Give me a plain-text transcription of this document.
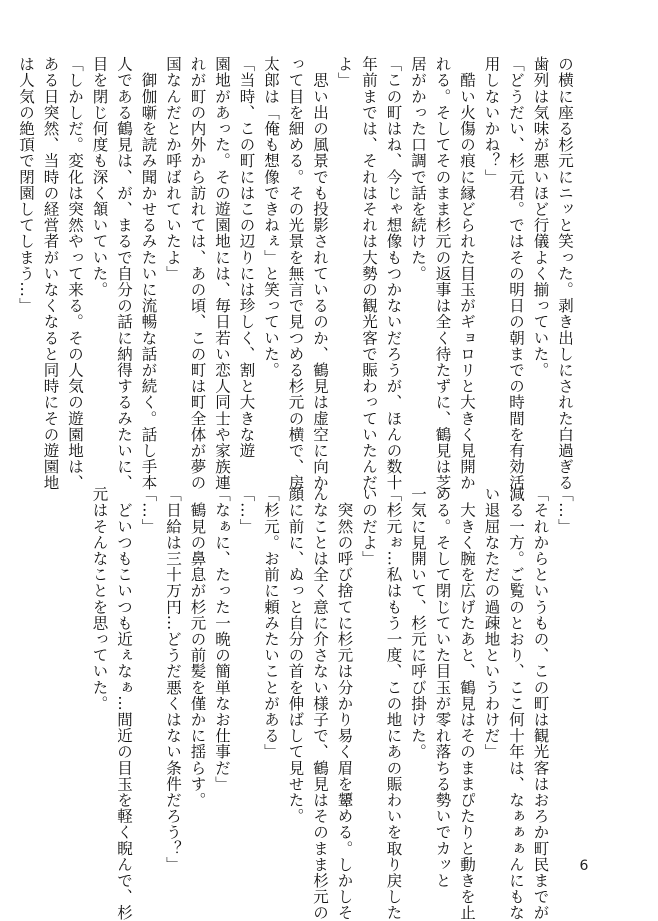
の横に座る杉元にニッと笑った。剥き出しにされた白過ぎる
歯列は気味が悪いほど行儀よく揃っていた。
「どうだい、杉元君。ではその明日の朝までの時間を有効活
用しないかね？」
　酷い火傷の痕に縁どられた目玉がギョロリと大きく見開か
れる。そしてそのまま杉元の返事は全く待たずに、鶴見は芝
居がかった口調で話を続けた。
「この町はね、今じゃ想像もつかないだろうが、ほんの数十
年前までは、それはそれは大勢の観光客で賑わっていたんだ
よ」
　思い出の風景でも投影されているのか、鶴見は虚空に向か
って目を細める。その光景を無言で見つめる杉元の横で、房
太郎は「俺も想像できねぇ」と笑っていた。
「当時、この町にはこの辺りには珍しく、割と大きな遊
園地があった。その遊園地には、毎日若い恋人同士や家族連
れが町の内外から訪れては、あの頃、この町は町全体が夢の
国なんだとか呼ばれていたよ」
　御伽噺を読み聞かせるみたいに流暢な話が続く。話し手本
人である鶴見は、が、まるで自分の話に納得するみたいに、
目を閉じ何度も深く頷いていた。
「しかしだ。変化は突然やって来る。その人気の遊園地は、
ある日突然、当時の経営者がいなくなると同時にその遊園地
は人気の絶頂で閉園してしまう…」
「…」
「それからというもの、この町は観光客はおろか町民までが
減る一方。ご覧のとおり、ここ何十年は、なぁぁぁんにもな
い退屈なただの過疎地というわけだ」
　大きく腕を広げたあと、鶴見はそのままぴたりと動きを止
める。そして閉じていた目玉が零れ落ちる勢いでカッと
一気に見開いて、杉元に呼び掛けた。
「杉元ぉ…私はもう一度、この地にあの賑わいを取り戻した
いのだよ」
　突然の呼び捨てに杉元は分かり易く眉を顰める。しかしそ
んなことは全く意に介さない様子で、鶴見はそのまま杉元の
顔に前に、ぬっと自分の首を伸ばして見せた。
「杉元。お前に頼みたいことがある」
「…」
「なぁに、たった一晩の簡単なお仕事だ」
　鶴見の鼻息が杉元の前髪を僅かに揺らす。
「日給は三十万円…どうだ悪くはない条件だろう？」
「…」
　どいつもこいつも近ぇなぁ…間近の目玉を軽く睨んで、杉
元はそんなことを思っていた。
6
